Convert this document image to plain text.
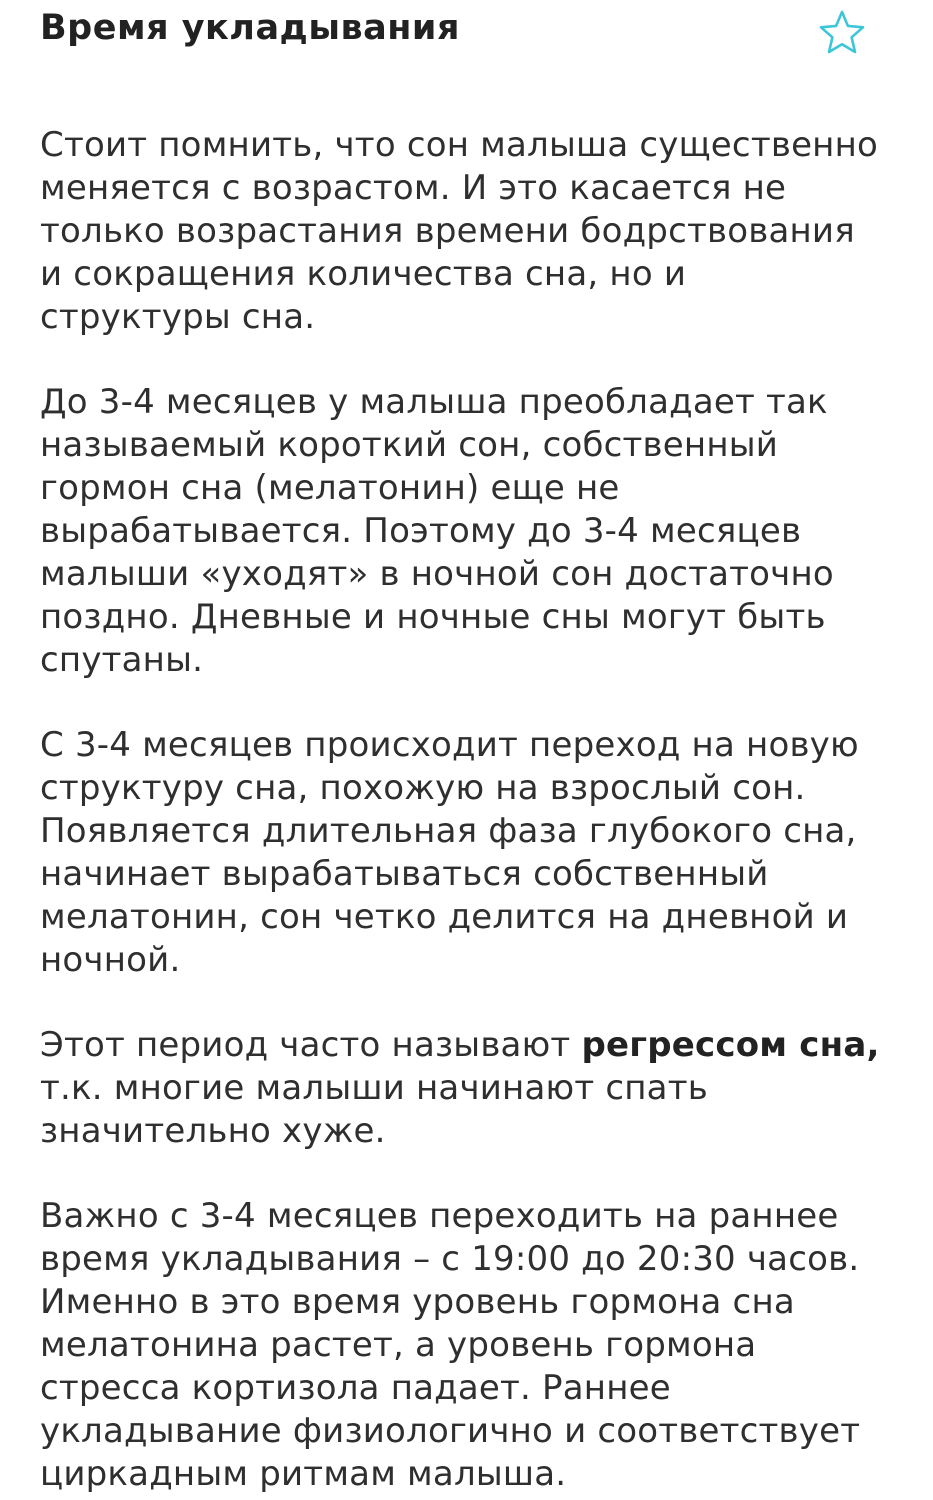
Время укладывания

Стоит помнить, что сон малыша существенно
меняется с возрастом. И это касается не
только возрастания времени бодрствования
и сокращения количества сна, но и
структуры сна.

До 3-4 месяцев у малыша преобладает так
называемый короткий сон, собственный
гормон сна (мелатонин) еще не
вырабатывается. Поэтому до 3-4 месяцев
малыши «уходят» в ночной сон достаточно
поздно. Дневные и ночные сны могут быть
спутаны.

С 3-4 месяцев происходит переход на новую
структуру сна, похожую на взрослый сон.
Появляется длительная фаза глубокого сна,
начинает вырабатываться собственный
мелатонин, сон четко делится на дневной и
ночной.

Этот период часто называют регрессом сна,
т.к. многие малыши начинают спать
значительно хуже.

Важно с 3-4 месяцев переходить на раннее
время укладывания – с 19:00 до 20:30 часов.
Именно в это время уровень гормона сна
мелатонина растет, а уровень гормона
стресса кортизола падает. Раннее
укладывание физиологично и соответствует
циркадным ритмам малыша.
